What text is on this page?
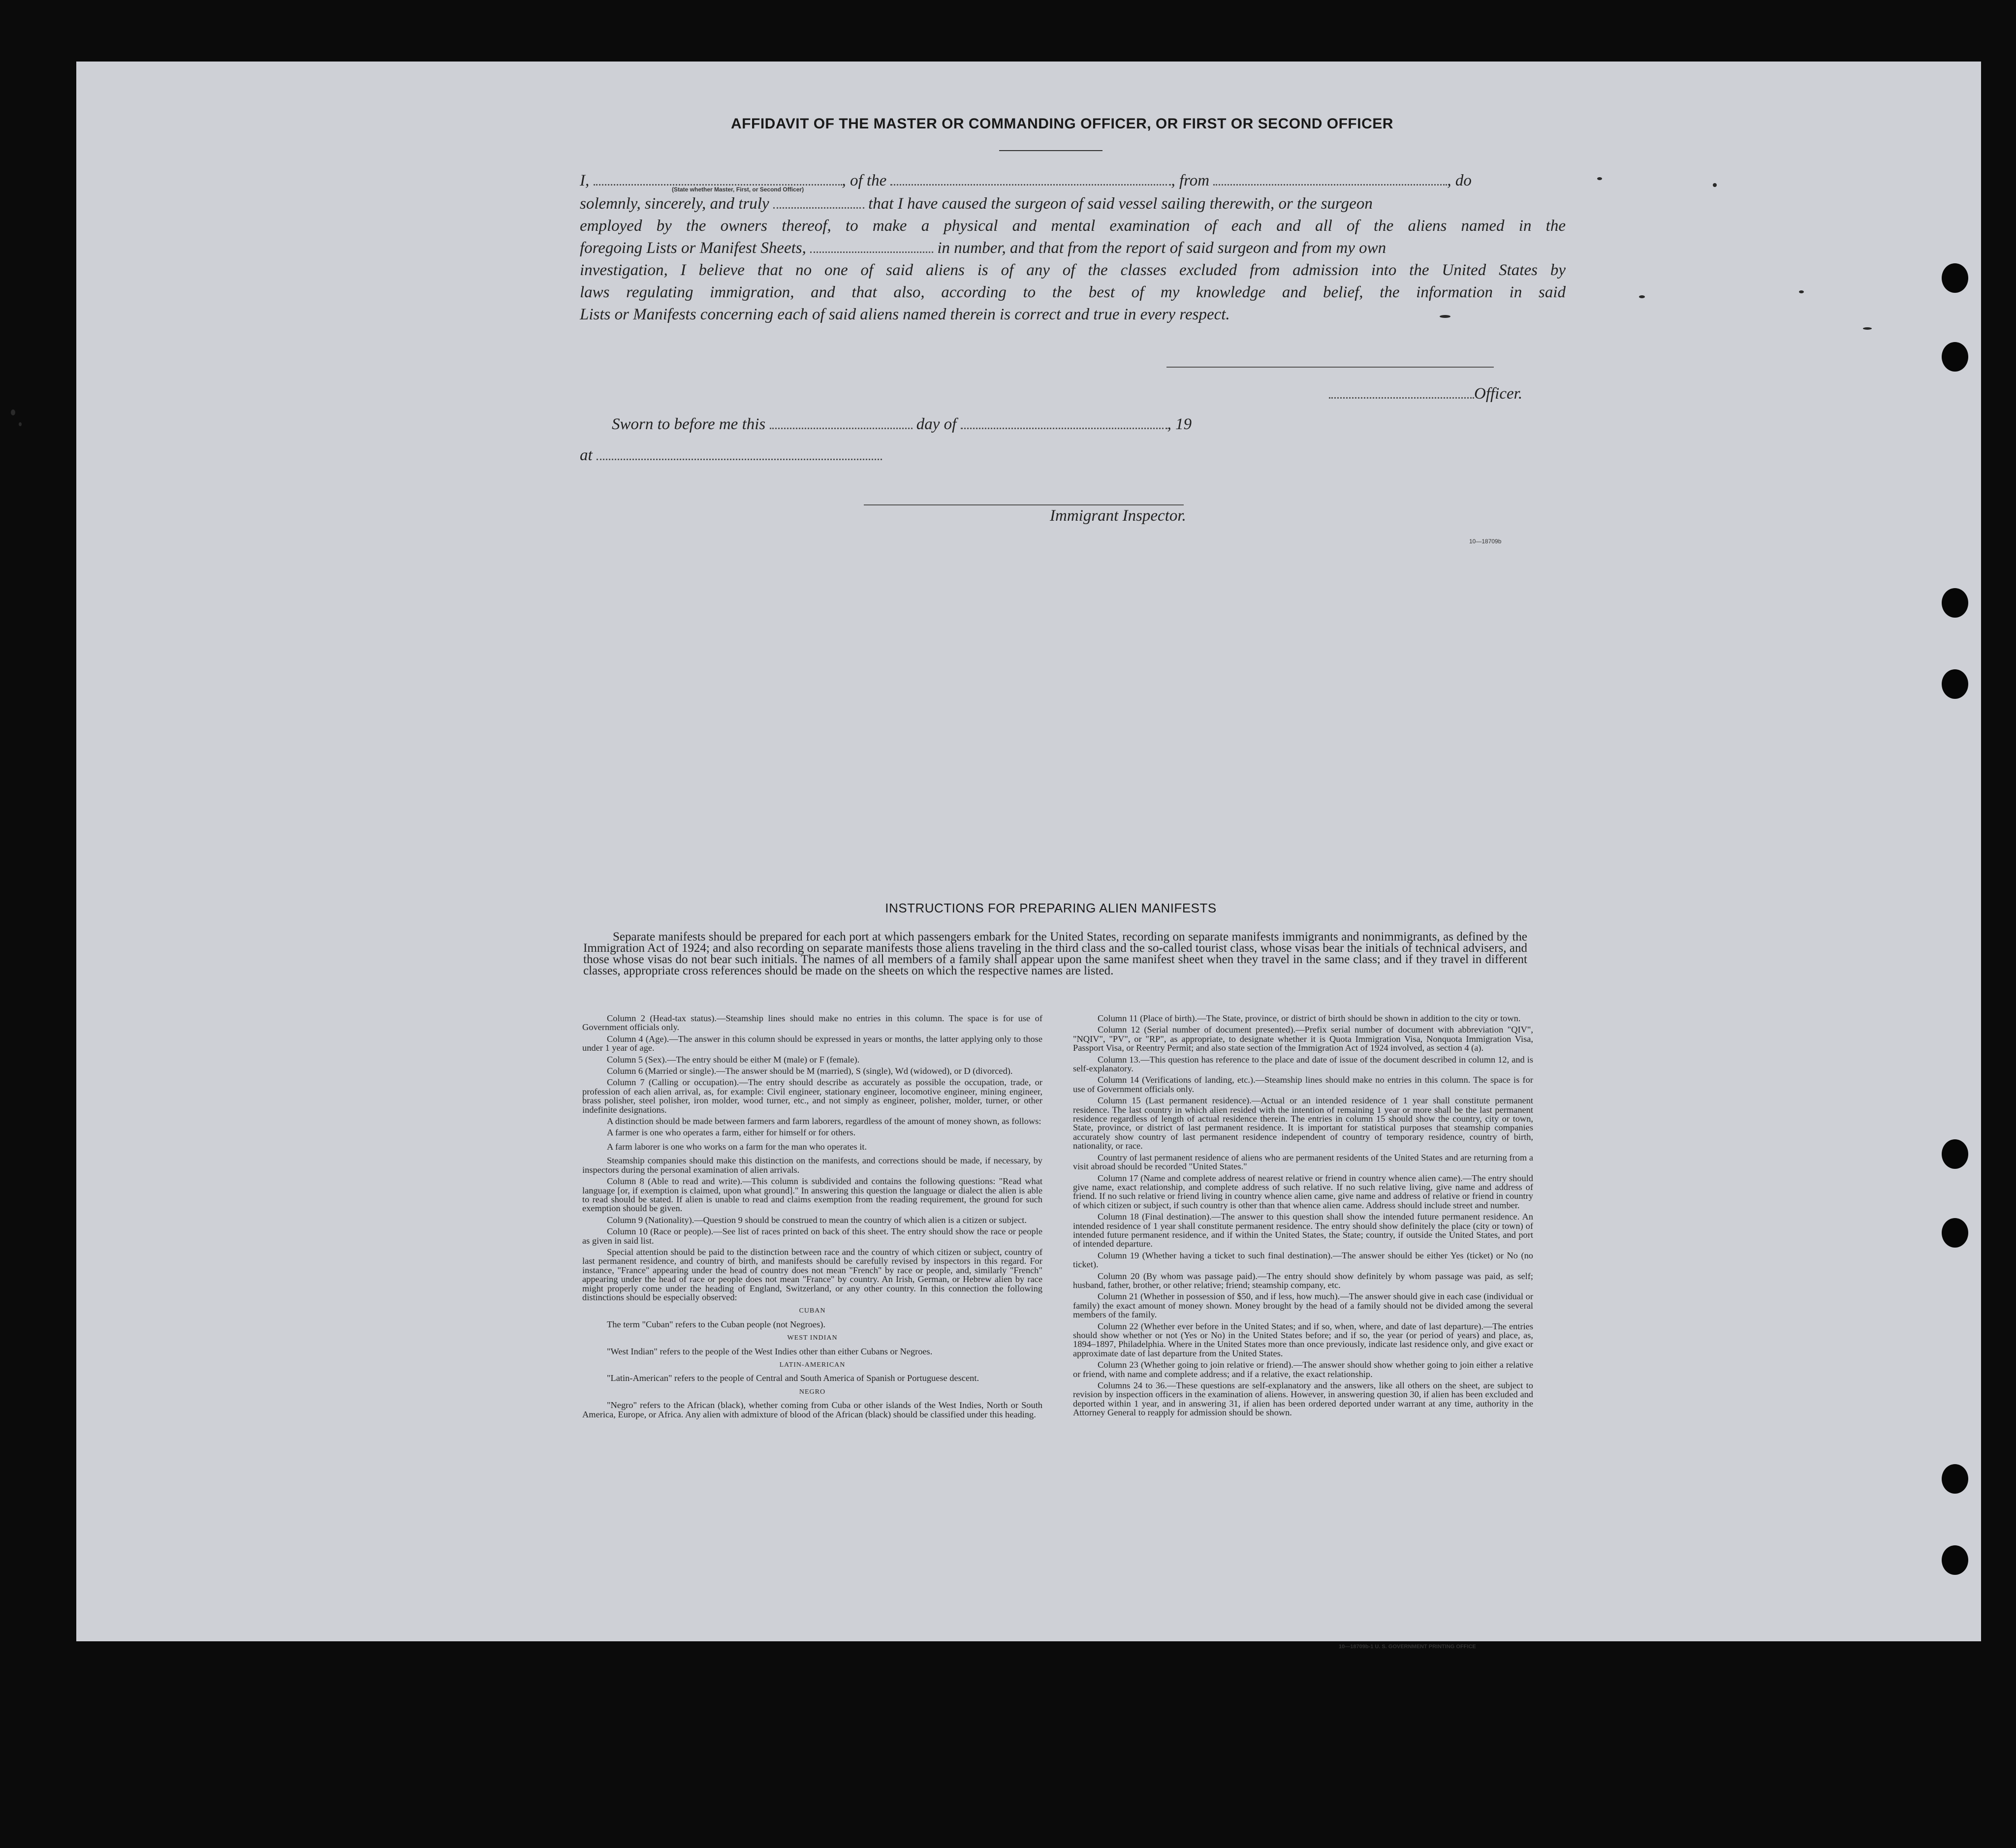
AFFIDAVIT OF THE MASTER OR COMMANDING OFFICER, OR FIRST OR SECOND OFFICER
I,	, of the	, from	, do
(State whether Master, First, or Second Officer)
solemnly, sincerely, and truly	that I have caused the surgeon of said vessel sailing therewith, or the surgeon
employed by the owners thereof, to make a physical and mental examination of each and all of the aliens named in the
foregoing Lists or Manifest Sheets,	in number, and that from the report of said surgeon and from my own
investigation, I believe that no one of said aliens is of any of the classes excluded from admission into the United States by
laws regulating immigration, and that also, according to the best of my knowledge and belief, the information in said
Lists or Manifests concerning each of said aliens named therein is correct and true in every respect.
Officer.
Sworn to before me this	day of	, 19
at
Immigrant Inspector.
10—18709b
INSTRUCTIONS FOR PREPARING ALIEN MANIFESTS

Separate manifests should be prepared for each port at which passengers embark for the United States, recording on separate manifests immigrants and nonimmigrants, as defined by the Immigration Act of 1924; and also recording on separate manifests those aliens traveling in the third class and the so-called tourist class, whose visas bear the initials of technical advisers, and those whose visas do not bear such initials. The names of all members of a family shall appear upon the same manifest sheet when they travel in the same class; and if they travel in different classes, appropriate cross references should be made on the sheets on which the respective names are listed.

Column 2 (Head-tax status).—Steamship lines should make no entries in this column. The space is for use of Government officials only.

Column 4 (Age).—The answer in this column should be expressed in years or months, the latter applying only to those under 1 year of age.

Column 5 (Sex).—The entry should be either M (male) or F (female).

Column 6 (Married or single).—The answer should be M (married), S (single), Wd (widowed), or D (divorced).

Column 7 (Calling or occupation).—The entry should describe as accurately as possible the occupation, trade, or profession of each alien arrival, as, for example: Civil engineer, stationary engineer, locomotive engineer, mining engineer, brass polisher, steel polisher, iron molder, wood turner, etc., and not simply as engineer, polisher, molder, turner, or other indefinite designations.

A distinction should be made between farmers and farm laborers, regardless of the amount of money shown, as follows:

A farmer is one who operates a farm, either for himself or for others.

A farm laborer is one who works on a farm for the man who operates it.

Steamship companies should make this distinction on the manifests, and corrections should be made, if necessary, by inspectors during the personal examination of alien arrivals.

Column 8 (Able to read and write).—This column is subdivided and contains the following questions: "Read what language [or, if exemption is claimed, upon what ground]." In answering this question the language or dialect the alien is able to read should be stated. If alien is unable to read and claims exemption from the reading requirement, the ground for such exemption should be given.

Column 9 (Nationality).—Question 9 should be construed to mean the country of which alien is a citizen or subject.

Column 10 (Race or people).—See list of races printed on back of this sheet. The entry should show the race or people as given in said list.

Special attention should be paid to the distinction between race and the country of which citizen or subject, country of last permanent residence, and country of birth, and manifests should be carefully revised by inspectors in this regard. For instance, "France" appearing under the head of country does not mean "French" by race or people, and, similarly "French" appearing under the head of race or people does not mean "France" by country. An Irish, German, or Hebrew alien by race might properly come under the heading of England, Switzerland, or any other country. In this connection the following distinctions should be especially observed:

CUBAN

The term "Cuban" refers to the Cuban people (not Negroes).

WEST INDIAN

"West Indian" refers to the people of the West Indies other than either Cubans or Negroes.

LATIN-AMERICAN

"Latin-American" refers to the people of Central and South America of Spanish or Portuguese descent.

NEGRO

"Negro" refers to the African (black), whether coming from Cuba or other islands of the West Indies, North or South America, Europe, or Africa. Any alien with admixture of blood of the African (black) should be classified under this heading.

Column 11 (Place of birth).—The State, province, or district of birth should be shown in addition to the city or town.

Column 12 (Serial number of document presented).—Prefix serial number of document with abbreviation "QIV", "NQIV", "PV", or "RP", as appropriate, to designate whether it is Quota Immigration Visa, Nonquota Immigration Visa, Passport Visa, or Reentry Permit; and also state section of the Immigration Act of 1924 involved, as section 4 (a).

Column 13.—This question has reference to the place and date of issue of the document described in column 12, and is self-explanatory.

Column 14 (Verifications of landing, etc.).—Steamship lines should make no entries in this column. The space is for use of Government officials only.

Column 15 (Last permanent residence).—Actual or an intended residence of 1 year shall constitute permanent residence. The last country in which alien resided with the intention of remaining 1 year or more shall be the last permanent residence regardless of length of actual residence therein. The entries in column 15 should show the country, city or town, State, province, or district of last permanent residence. It is important for statistical purposes that steamship companies accurately show country of last permanent residence independent of country of temporary residence, country of birth, nationality, or race.

Country of last permanent residence of aliens who are permanent residents of the United States and are returning from a visit abroad should be recorded "United States."

Column 17 (Name and complete address of nearest relative or friend in country whence alien came).—The entry should give name, exact relationship, and complete address of such relative. If no such relative living, give name and address of friend. If no such relative or friend living in country whence alien came, give name and address of relative or friend in country of which citizen or subject, if such country is other than that whence alien came. Address should include street and number.

Column 18 (Final destination).—The answer to this question shall show the intended future permanent residence. An intended residence of 1 year shall constitute permanent residence. The entry should show definitely the place (city or town) of intended future permanent residence, and if within the United States, the State; country, if outside the United States, and port of intended departure.

Column 19 (Whether having a ticket to such final destination).—The answer should be either Yes (ticket) or No (no ticket).

Column 20 (By whom was passage paid).—The entry should show definitely by whom passage was paid, as self; husband, father, brother, or other relative; friend; steamship company, etc.

Column 21 (Whether in possession of $50, and if less, how much).—The answer should give in each case (individual or family) the exact amount of money shown. Money brought by the head of a family should not be divided among the several members of the family.

Column 22 (Whether ever before in the United States; and if so, when, where, and date of last departure).—The entries should show whether or not (Yes or No) in the United States before; and if so, the year (or period of years) and place, as, 1894–1897, Philadelphia. Where in the United States more than once previously, indicate last residence only, and give exact or approximate date of last departure from the United States.

Column 23 (Whether going to join relative or friend).—The answer should show whether going to join either a relative or friend, with name and complete address; and if a relative, the exact relationship.

Columns 24 to 36.—These questions are self-explanatory and the answers, like all others on the sheet, are subject to revision by inspection officers in the examination of aliens. However, in answering question 30, if alien has been excluded and deported within 1 year, and in answering 31, if alien has been ordered deported under warrant at any time, authority in the Attorney General to reapply for admission should be shown.

10—18709b-1 U. S. GOVERNMENT PRINTING OFFICE
